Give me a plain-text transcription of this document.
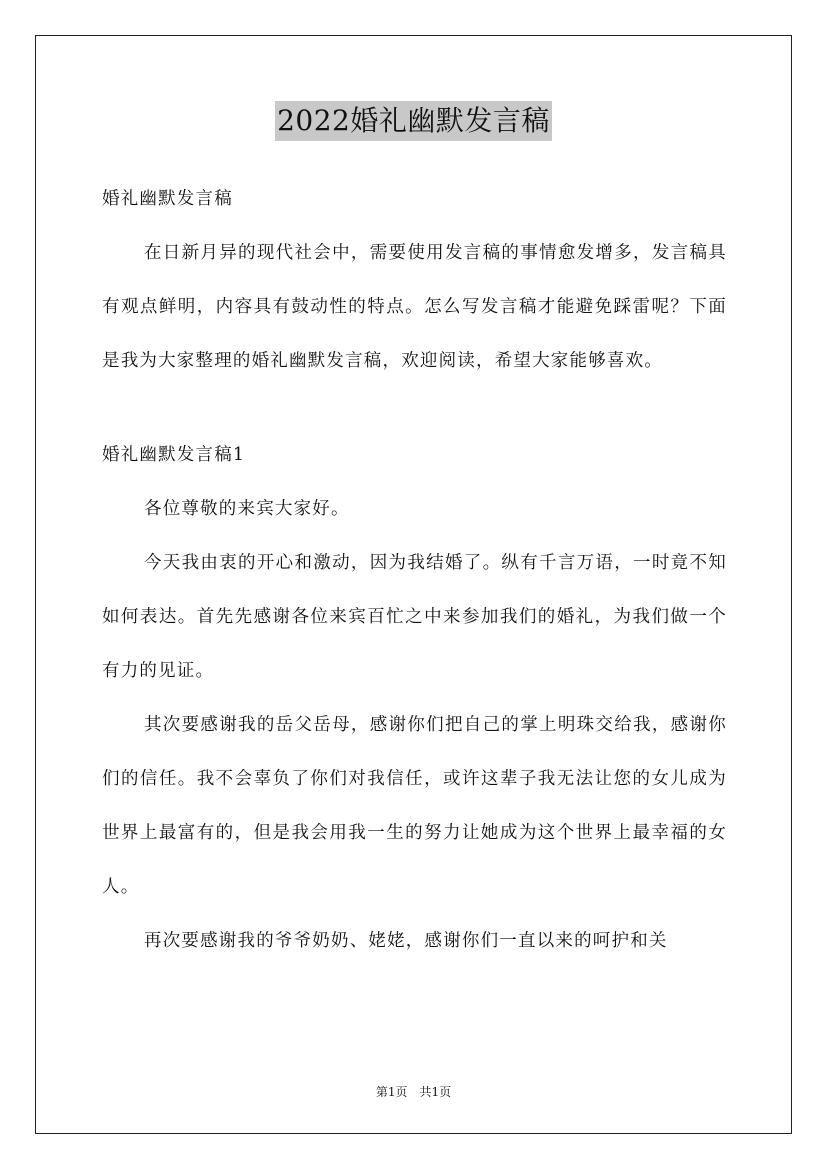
2022婚礼幽默发言稿

婚礼幽默发言稿

在日新月异的现代社会中，需要使用发言稿的事情愈发增多，发言稿具有观点鲜明，内容具有鼓动性的特点。怎么写发言稿才能避免踩雷呢？下面是我为大家整理的婚礼幽默发言稿，欢迎阅读，希望大家能够喜欢。

婚礼幽默发言稿1

各位尊敬的来宾大家好。

今天我由衷的开心和激动，因为我结婚了。纵有千言万语，一时竟不知如何表达。首先先感谢各位来宾百忙之中来参加我们的婚礼，为我们做一个有力的见证。

其次要感谢我的岳父岳母，感谢你们把自己的掌上明珠交给我，感谢你们的信任。我不会辜负了你们对我信任，或许这辈子我无法让您的女儿成为世界上最富有的，但是我会用我一生的努力让她成为这个世界上最幸福的女人。

再次要感谢我的爷爷奶奶、姥姥，感谢你们一直以来的呵护和关

第1页　共1页
